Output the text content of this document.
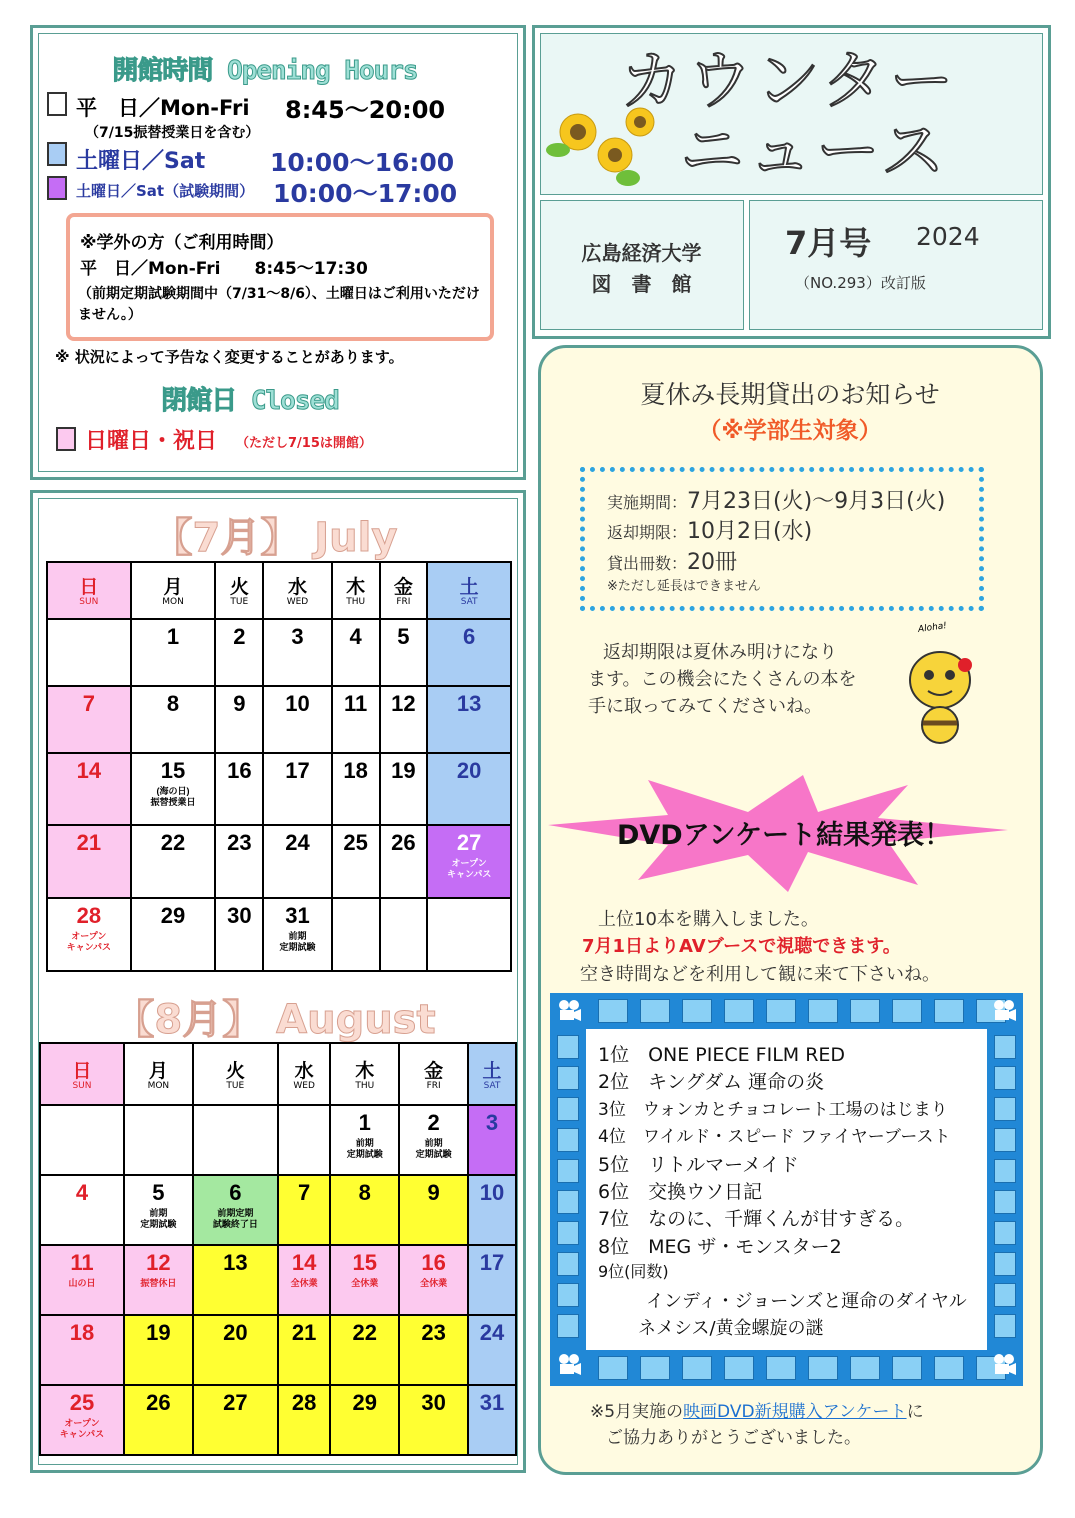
開館時間 Opening Hours
平　日／Mon-Fri 8:45～20:00
（7/15振替授業日を含む）
土曜日／Sat	10:00～16:00
土曜日／Sat（試験期間） 10:00～17:00
※学外の方（ご利用時間）
平　日／Mon-Fri　　8:45～17:30
（前期定期試験期間中（7/31～8/6）、土曜日はご利用いただけません。）
※ 状況によって予告なく変更することがあります。
閉館日 Closed
日曜日・祝日 （ただし7/15は開館）
カウンター
ニュース
広島経済大学
図　書　館
7月号 2024
（NO.293）改訂版
夏休み長期貸出のお知らせ
（※学部生対象）
実施期間：7月23日(火)～9月3日(火)
返却期限：10月2日(水)
貸出冊数：20冊
※ただし延長はできません
返却期限は夏休み明けになり
ます。この機会にたくさんの本を
手に取ってみてくださいね。
Aloha!
DVDアンケート結果発表！
上位10本を購入しました。
7月1日よりAVブースで視聴できます。
空き時間などを利用して観に来て下さいね。
1位　ONE PIECE FILM RED
2位　キングダム 運命の炎
3位　ウォンカとチョコレート工場のはじまり
4位　ワイルド・スピード ファイヤーブースト
5位　リトルマーメイド
6位　交換ウソ日記
7位　なのに、千輝くんが甘すぎる。
8位　MEG ザ・モンスター2
9位(同数)
インディ・ジョーンズと運命のダイヤル
ネメシス/黄金螺旋の謎
※5月実施の映画DVD新規購入アンケートに
ご協力ありがとうございました。
【7月】 July
日
SUN	月
MON	火
TUE	水
WED	木
THU	金
FRI	土
SAT

	1	2	3	4	5	6

7	8	9	10	11	12	13

14	15
(海の日)
振替授業日	16	17	18	19	20

21	22	23	24	25	26	27
オープン
キャンパス

28
オープン
キャンパス	29	30	31
前期
定期試験			

【8月】 August
日
SUN	月
MON	火
TUE	水
WED	木
THU	金
FRI	土
SAT

				1
前期
定期試験	2
前期
定期試験	3

4	5
前期
定期試験	6
前期定期
試験終了日	7	8	9	10

11
山の日	12
振替休日	13	14
全休業	15
全休業	16
全休業	17

18	19	20	21	22	23	24

25
オープン
キャンパス	26	27	28	29	30	31
